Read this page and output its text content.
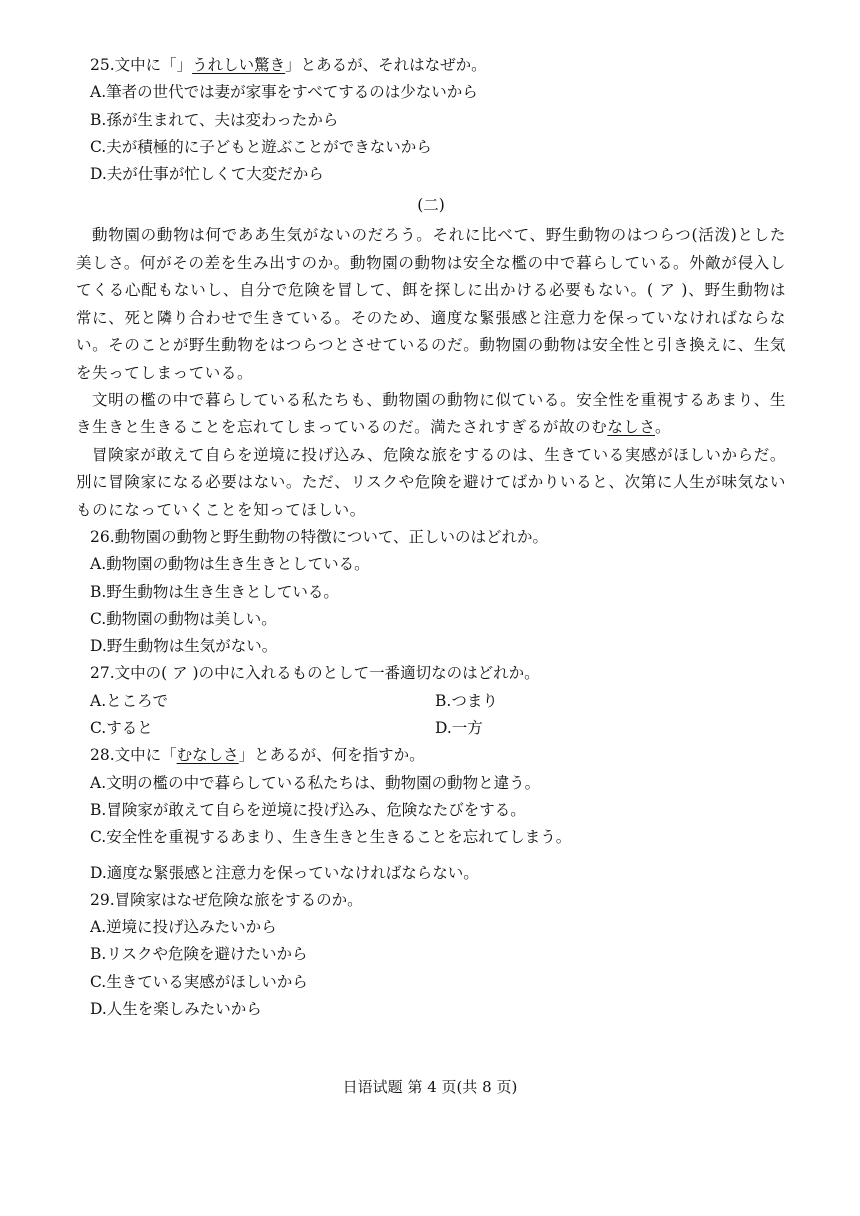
25.文中に「」うれしい驚き」とあるが、それはなぜか。
A.筆者の世代では妻が家事をすべてするのは少ないから
B.孫が生まれて、夫は変わったから
C.夫が積極的に子どもと遊ぶことができないから
D.夫が仕事が忙しくて大変だから
(二)

動物園の動物は何でああ生気がないのだろう。それに比べて、野生動物のはつらつ(活泼)とした美しさ。何がその差を生み出すのか。動物園の動物は安全な檻の中で暮らしている。外敵が侵入してくる心配もないし、自分で危険を冒して、餌を探しに出かける必要もない。( ア )、野生動物は常に、死と隣り合わせで生きている。そのため、適度な緊張感と注意力を保っていなければならない。そのことが野生動物をはつらつとさせているのだ。動物園の動物は安全性と引き換えに、生気を失ってしまっている。

文明の檻の中で暮らしている私たちも、動物園の動物に似ている。安全性を重視するあまり、生き生きと生きることを忘れてしまっているのだ。満たされすぎるが故のむなしさ。

冒険家が敢えて自らを逆境に投げ込み、危険な旅をするのは、生きている実感がほしいからだ。別に冒険家になる必要はない。ただ、リスクや危険を避けてばかりいると、次第に人生が味気ないものになっていくことを知ってほしい。

26.動物園の動物と野生動物の特徴について、正しいのはどれか。
A.動物園の動物は生き生きとしている。
B.野生動物は生き生きとしている。
C.動物園の動物は美しい。
D.野生動物は生気がない。
27.文中の( ア )の中に入れるものとして一番適切なのはどれか。
A.ところで	B.つまり
C.すると	D.一方
28.文中に「むなしさ」とあるが、何を指すか。
A.文明の檻の中で暮らしている私たちは、動物園の動物と違う。
B.冒険家が敢えて自らを逆境に投げ込み、危険なたびをする。
C.安全性を重視するあまり、生き生きと生きることを忘れてしまう。
D.適度な緊張感と注意力を保っていなければならない。
29.冒険家はなぜ危険な旅をするのか。
A.逆境に投げ込みたいから
B.リスクや危険を避けたいから
C.生きている実感がほしいから
D.人生を楽しみたいから
日语试题 第 4 页(共 8 页)
